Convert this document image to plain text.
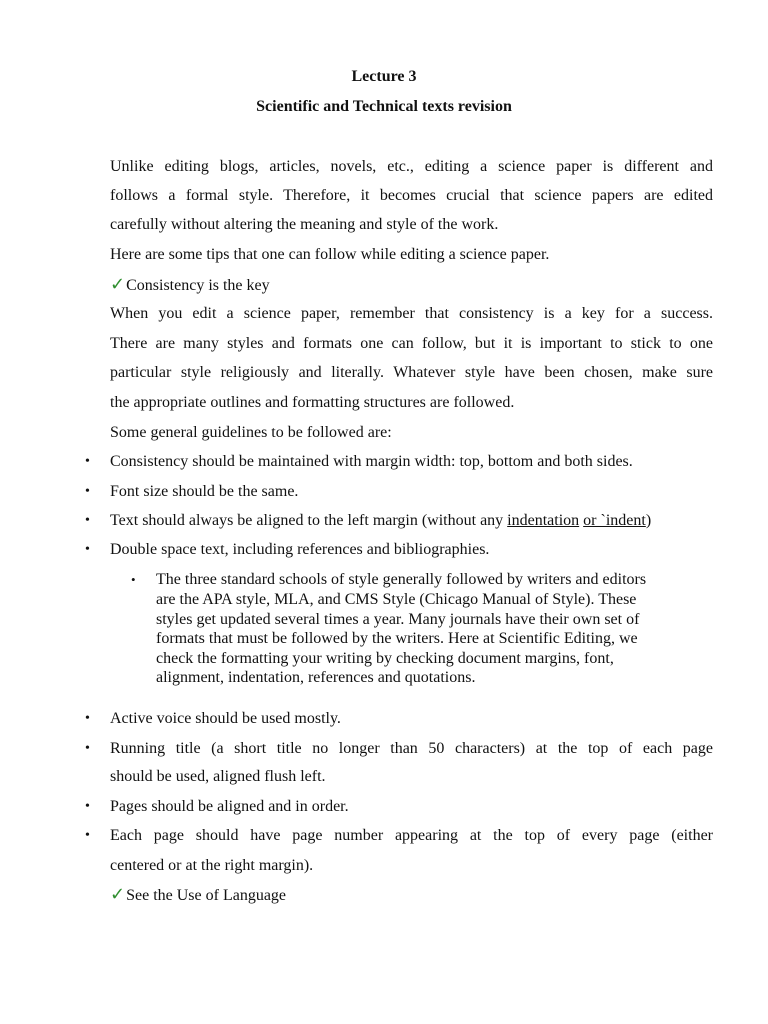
Lecture 3
Scientific and Technical texts revision
Unlike editing blogs, articles, novels, etc., editing a science paper is different and
follows a formal style. Therefore, it becomes crucial that science papers are edited
carefully without altering the meaning and style of the work.
Here are some tips that one can follow while editing a science paper.
✓Consistency is the key
When you edit a science paper, remember that consistency is a key for a success.
There are many styles and formats one can follow, but it is important to stick to one
particular style religiously and literally. Whatever style have been chosen, make sure
the appropriate outlines and formatting structures are followed.
Some general guidelines to be followed are:
• Consistency should be maintained with margin width: top, bottom and both sides.
• Font size should be the same.
• Text should always be aligned to the left margin (without any indentation or `indent)
• Double space text, including references and bibliographies.
• The three standard schools of style generally followed by writers and editors
are the APA style, MLA, and CMS Style (Chicago Manual of Style). These
styles get updated several times a year. Many journals have their own set of
formats that must be followed by the writers. Here at Scientific Editing, we
check the formatting your writing by checking document margins, font,
alignment, indentation, references and quotations.
• Active voice should be used mostly.
• Running title (a short title no longer than 50 characters) at the top of each page
should be used, aligned flush left.
• Pages should be aligned and in order.
• Each page should have page number appearing at the top of every page (either
centered or at the right margin).
✓See the Use of Language
